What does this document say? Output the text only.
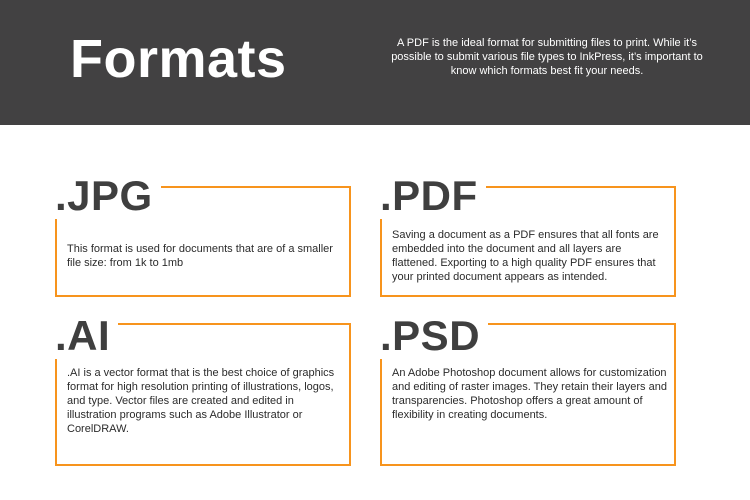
Formats	A PDF is the ideal format for submitting files to print. While it’s possible to submit various file types to InkPress, it’s important to know which formats best fit your needs.

.JPG

This format is used for documents that are of a smaller file size: from 1k to 1mb

.PDF

Saving a document as a PDF ensures that all fonts are embedded into the document and all layers are flattened. Exporting to a high quality PDF ensures that your printed document appears as intended.

.AI

.AI is a vector format that is the best choice of graphics format for high resolution printing of illustrations, logos, and type. Vector files are created and edited in illustration programs such as Adobe Illustrator or CorelDRAW.

.PSD

An Adobe Photoshop document allows for customization and editing of raster images. They retain their layers and transparencies. Photoshop offers a great amount of flexibility in creating documents.
